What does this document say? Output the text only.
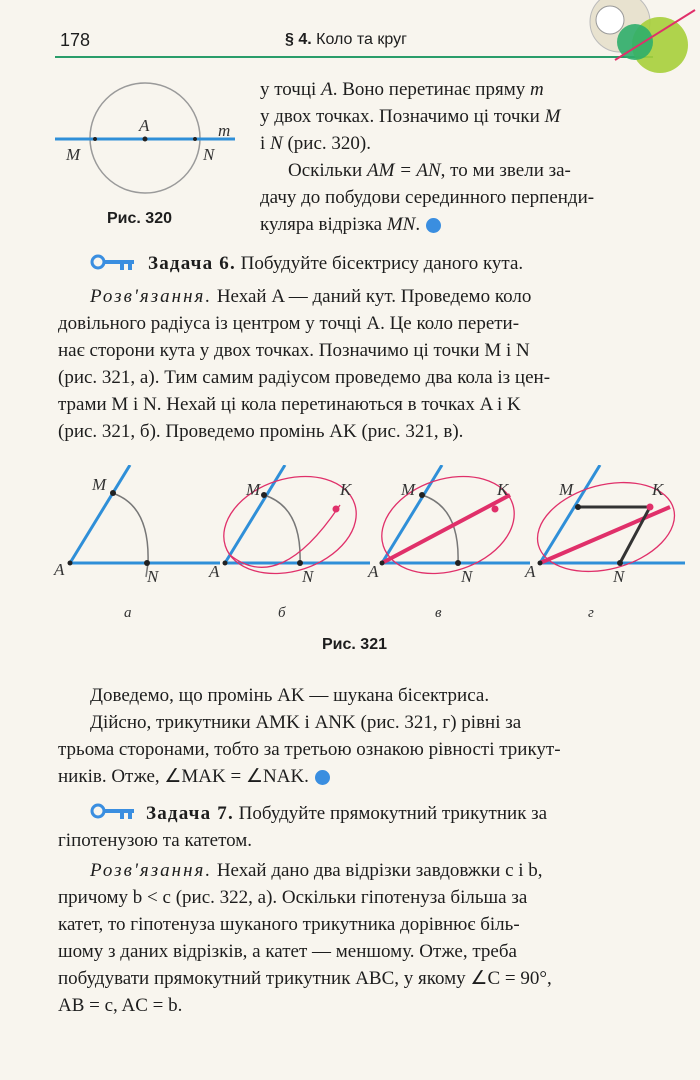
178	§ 4. Коло та круг
A	m
M	N
Рис. 320
у точці A. Воно перетинає пряму m
у двох точках. Позначимо ці точки M
і N (рис. 320).
Оскільки AM = AN, то ми звели за-
дачу до побудови серединного перпенди-
куляра відрізка MN.
Задача 6. Побудуйте бісектрису даного кута.
Розв'язання. Нехай A — даний кут. Проведемо коло
довільного радіуса із центром у точці A. Це коло перети-
нає сторони кута у двох точках. Позначимо ці точки M і N
(рис. 321, а). Тим самим радіусом проведемо два кола із цен-
трами M і N. Нехай ці кола перетинаються в точках A і K
(рис. 321, б). Проведемо промінь AK (рис. 321, в).
M
A	N
M	K
A	N
M	K
A	N
M	K
A	N
а	б	в	г
Рис. 321
Доведемо, що промінь AK — шукана бісектриса.
Дійсно, трикутники AMK і ANK (рис. 321, г) рівні за
трьома сторонами, тобто за третьою ознакою рівності трикут-
ників. Отже, ∠MAK = ∠NAK.
Задача 7. Побудуйте прямокутний трикутник за
гіпотенузою та катетом.
Розв'язання. Нехай дано два відрізки завдовжки c і b,
причому b < c (рис. 322, а). Оскільки гіпотенуза більша за
катет, то гіпотенуза шуканого трикутника дорівнює біль-
шому з даних відрізків, а катет — меншому. Отже, треба
побудувати прямокутний трикутник ABC, у якому ∠C = 90°,
AB = c, AC = b.
